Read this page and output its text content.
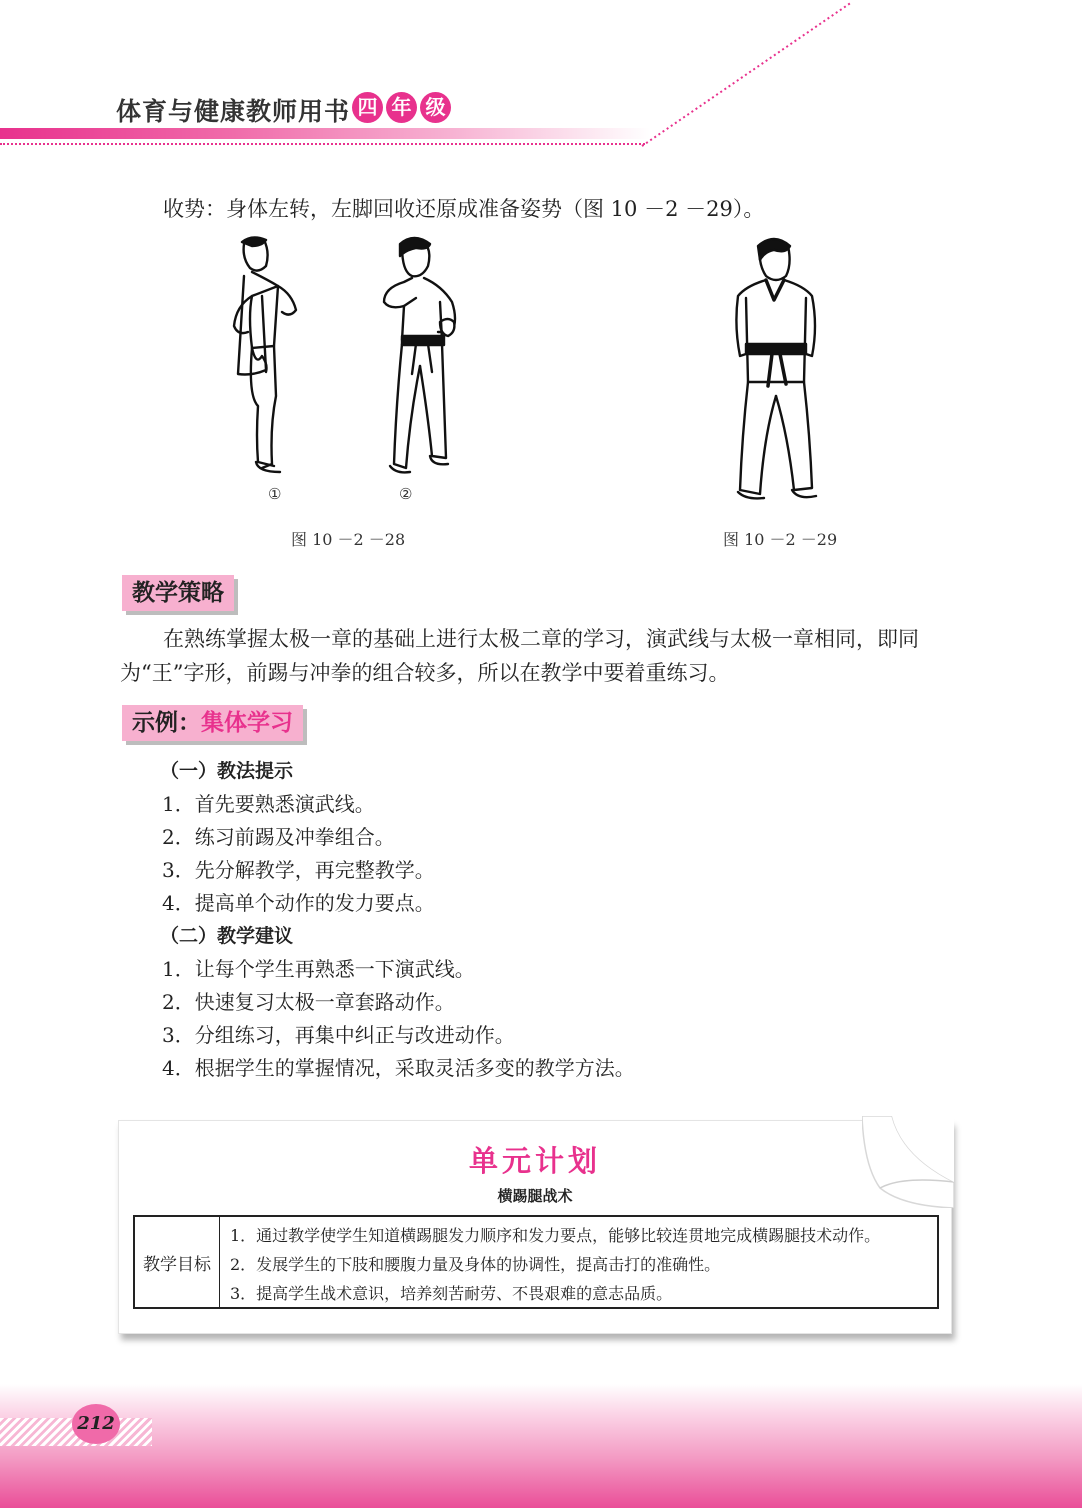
体育与健康教师用书 四 年 级
收势：身体左转，左脚回收还原成准备姿势（图 10 －2 －29）。
①	②
图 10 －2 －28	图 10 －2 －29
教学策略
在熟练掌握太极一章的基础上进行太极二章的学习，演武线与太极一章相同，即同
为“王”字形，前踢与冲拳的组合较多，所以在教学中要着重练习。
示例：集体学习
（一）教法提示
1．首先要熟悉演武线。
2．练习前踢及冲拳组合。
3．先分解教学，再完整教学。
4．提高单个动作的发力要点。
（二）教学建议
1．让每个学生再熟悉一下演武线。
2．快速复习太极一章套路动作。
3．分组练习，再集中纠正与改进动作。
4．根据学生的掌握情况，采取灵活多变的教学方法。
单元计划
横踢腿战术
教学目标
1．通过教学使学生知道横踢腿发力顺序和发力要点，能够比较连贯地完成横踢腿技术动作。
2．发展学生的下肢和腰腹力量及身体的协调性，提高击打的准确性。
3．提高学生战术意识，培养刻苦耐劳、不畏艰难的意志品质。
212
